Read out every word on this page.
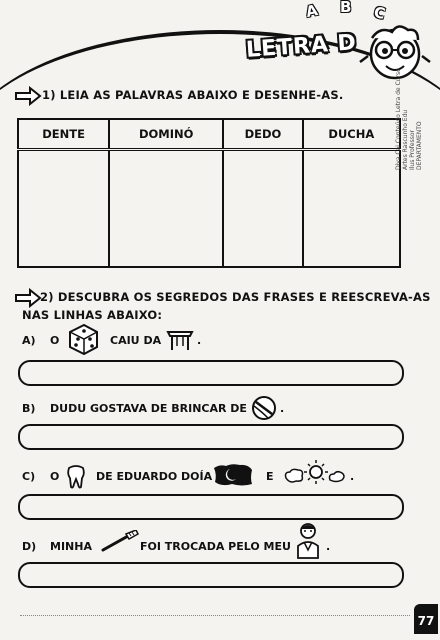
A B C
LETRA D
1) LEIA AS PALAVRAS ABAIXO E DESENHE-AS.
DENTE	DOMINÓ	DEDO	DUCHA
				Diva Cai Conteúdo Letra de Curso Artes Rascunho Edu Ilus Professor DEPARTAMENTO
2) DESCUBRA OS SEGREDOS DAS FRASES E REESCREVA-AS
NAS LINHAS ABAIXO:
A) O	CAIU DA	.
B) DUDU GOSTAVA DE BRINCAR DE	.
C) O	DE EDUARDO DOÍA	E	.
D) MINHA	FOI TROCADA PELO MEU	.
77
